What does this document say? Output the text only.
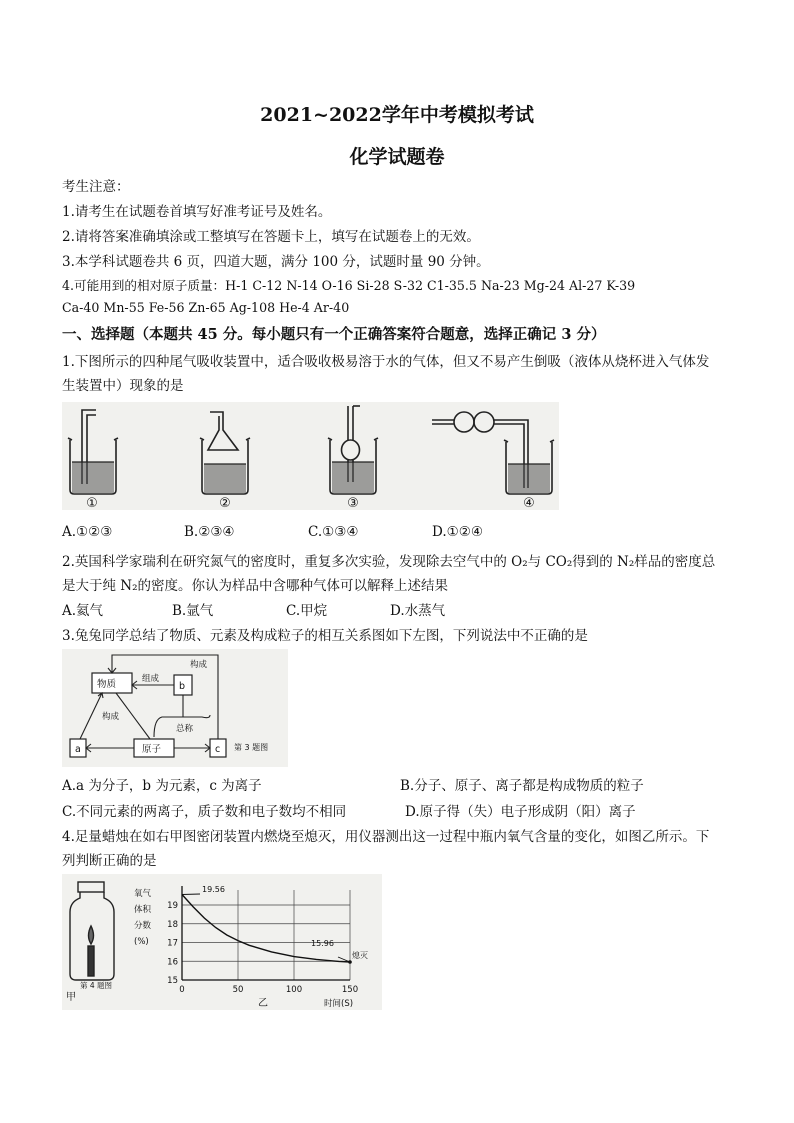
2021~2022学年中考模拟考试
化学试题卷
考生注意：
1.请考生在试题卷首填写好准考证号及姓名。
2.请将答案准确填涂或工整填写在答题卡上，填写在试题卷上的无效。
3.本学科试题卷共 6 页，四道大题，满分 100 分，试题时量 90 分钟。
4.可能用到的相对原子质量：H-1 C-12 N-14 O-16 Si-28 S-32 C1-35.5 Na-23 Mg-24 Al-27 K-39
Ca-40 Mn-55 Fe-56 Zn-65 Ag-108 He-4 Ar-40
一、选择题（本题共 45 分。每小题只有一个正确答案符合题意，选择正确记 3 分）
1.下图所示的四种尾气吸收装置中，适合吸收极易溶于水的气体，但又不易产生倒吸（液体从烧杯进入气体发
生装置中）现象的是
①	②	③	④
A.①②③	B.②③④	C.①③④	D.①②④
2.英国科学家瑞利在研究氮气的密度时，重复多次实验，发现除去空气中的 O₂与 CO₂得到的 N₂样品的密度总
是大于纯 N₂的密度。你认为样品中含哪种气体可以解释上述结果
A.氦气	B.氩气	C.甲烷	D.水蒸气
3.兔兔同学总结了物质、元素及构成粒子的相互关系图如下左图，下列说法中不正确的是
物质	b
a	原子	c
组成
构成
构成
总称
第 3 题图
A.a 为分子，b 为元素，c 为离子	B.分子、原子、离子都是构成物质的粒子
C.不同元素的两离子，质子数和电子数均不相同	D.原子得（失）电子形成阴（阳）离子
4.足量蜡烛在如右甲图密闭装置内燃烧至熄灭，用仪器测出这一过程中瓶内氧气含量的变化，如图乙所示。下
列判断正确的是
甲
第 4 题图
氧气
体积
分数
(%)
15
16
17
18
19
0	50	100	150
乙	时间(S)
19.56
15.96
熄灭
